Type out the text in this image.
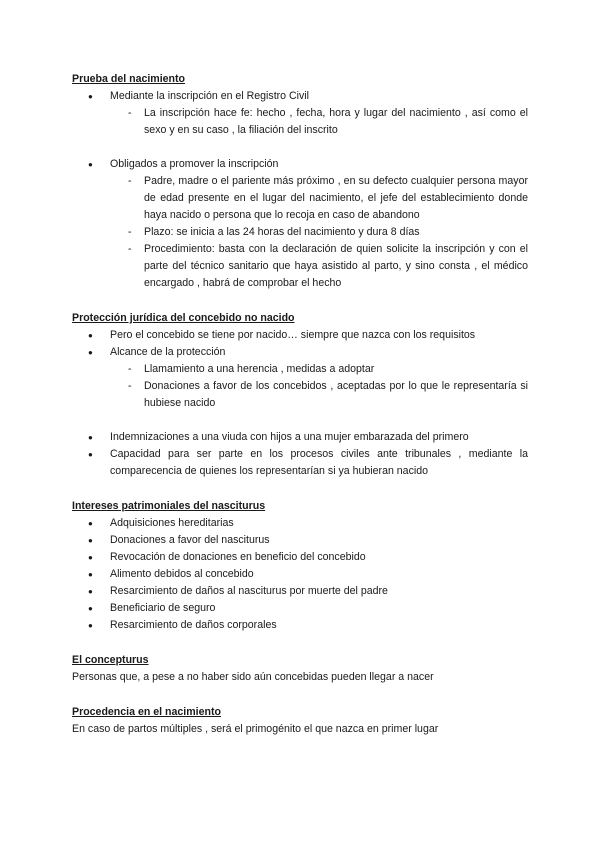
Prueba del nacimiento

● Mediante la inscripción en el Registro Civil
- La inscripción hace fe: hecho , fecha, hora y lugar del nacimiento , así como el sexo y en su caso , la filiación del inscrito
● Obligados a promover la inscripción
- Padre, madre o el pariente más próximo , en su defecto cualquier persona mayor de edad presente en el lugar del nacimiento, el jefe del establecimiento donde haya nacido o persona que lo recoja en caso de abandono
- Plazo: se inicia a las 24 horas del nacimiento y dura 8 días
- Procedimiento: basta con la declaración de quien solicite la inscripción y con el parte del técnico sanitario que haya asistido al parto, y sino consta , el médico encargado , habrá de comprobar el hecho

Protección jurídica del concebido no nacido

● Pero el concebido se tiene por nacido… siempre que nazca con los requisitos
● Alcance de la protección
- Llamamiento a una herencia , medidas a adoptar
- Donaciones a favor de los concebidos , aceptadas por lo que le representaría si hubiese nacido
● Indemnizaciones a una viuda con hijos a una mujer embarazada del primero
● Capacidad para ser parte en los procesos civiles ante tribunales , mediante la comparecencia de quienes los representarían si ya hubieran nacido

Intereses patrimoniales del nasciturus

● Adquisiciones hereditarias
● Donaciones a favor del nasciturus
● Revocación de donaciones en beneficio del concebido
● Alimento debidos al concebido
● Resarcimiento de daños al nasciturus por muerte del padre
● Beneficiario de seguro
● Resarcimiento de daños corporales

El concepturus

Personas que, a pese a no haber sido aún concebidas pueden llegar a nacer

Procedencia en el nacimiento

En caso de partos múltiples , será el primogénito el que nazca en primer lugar
